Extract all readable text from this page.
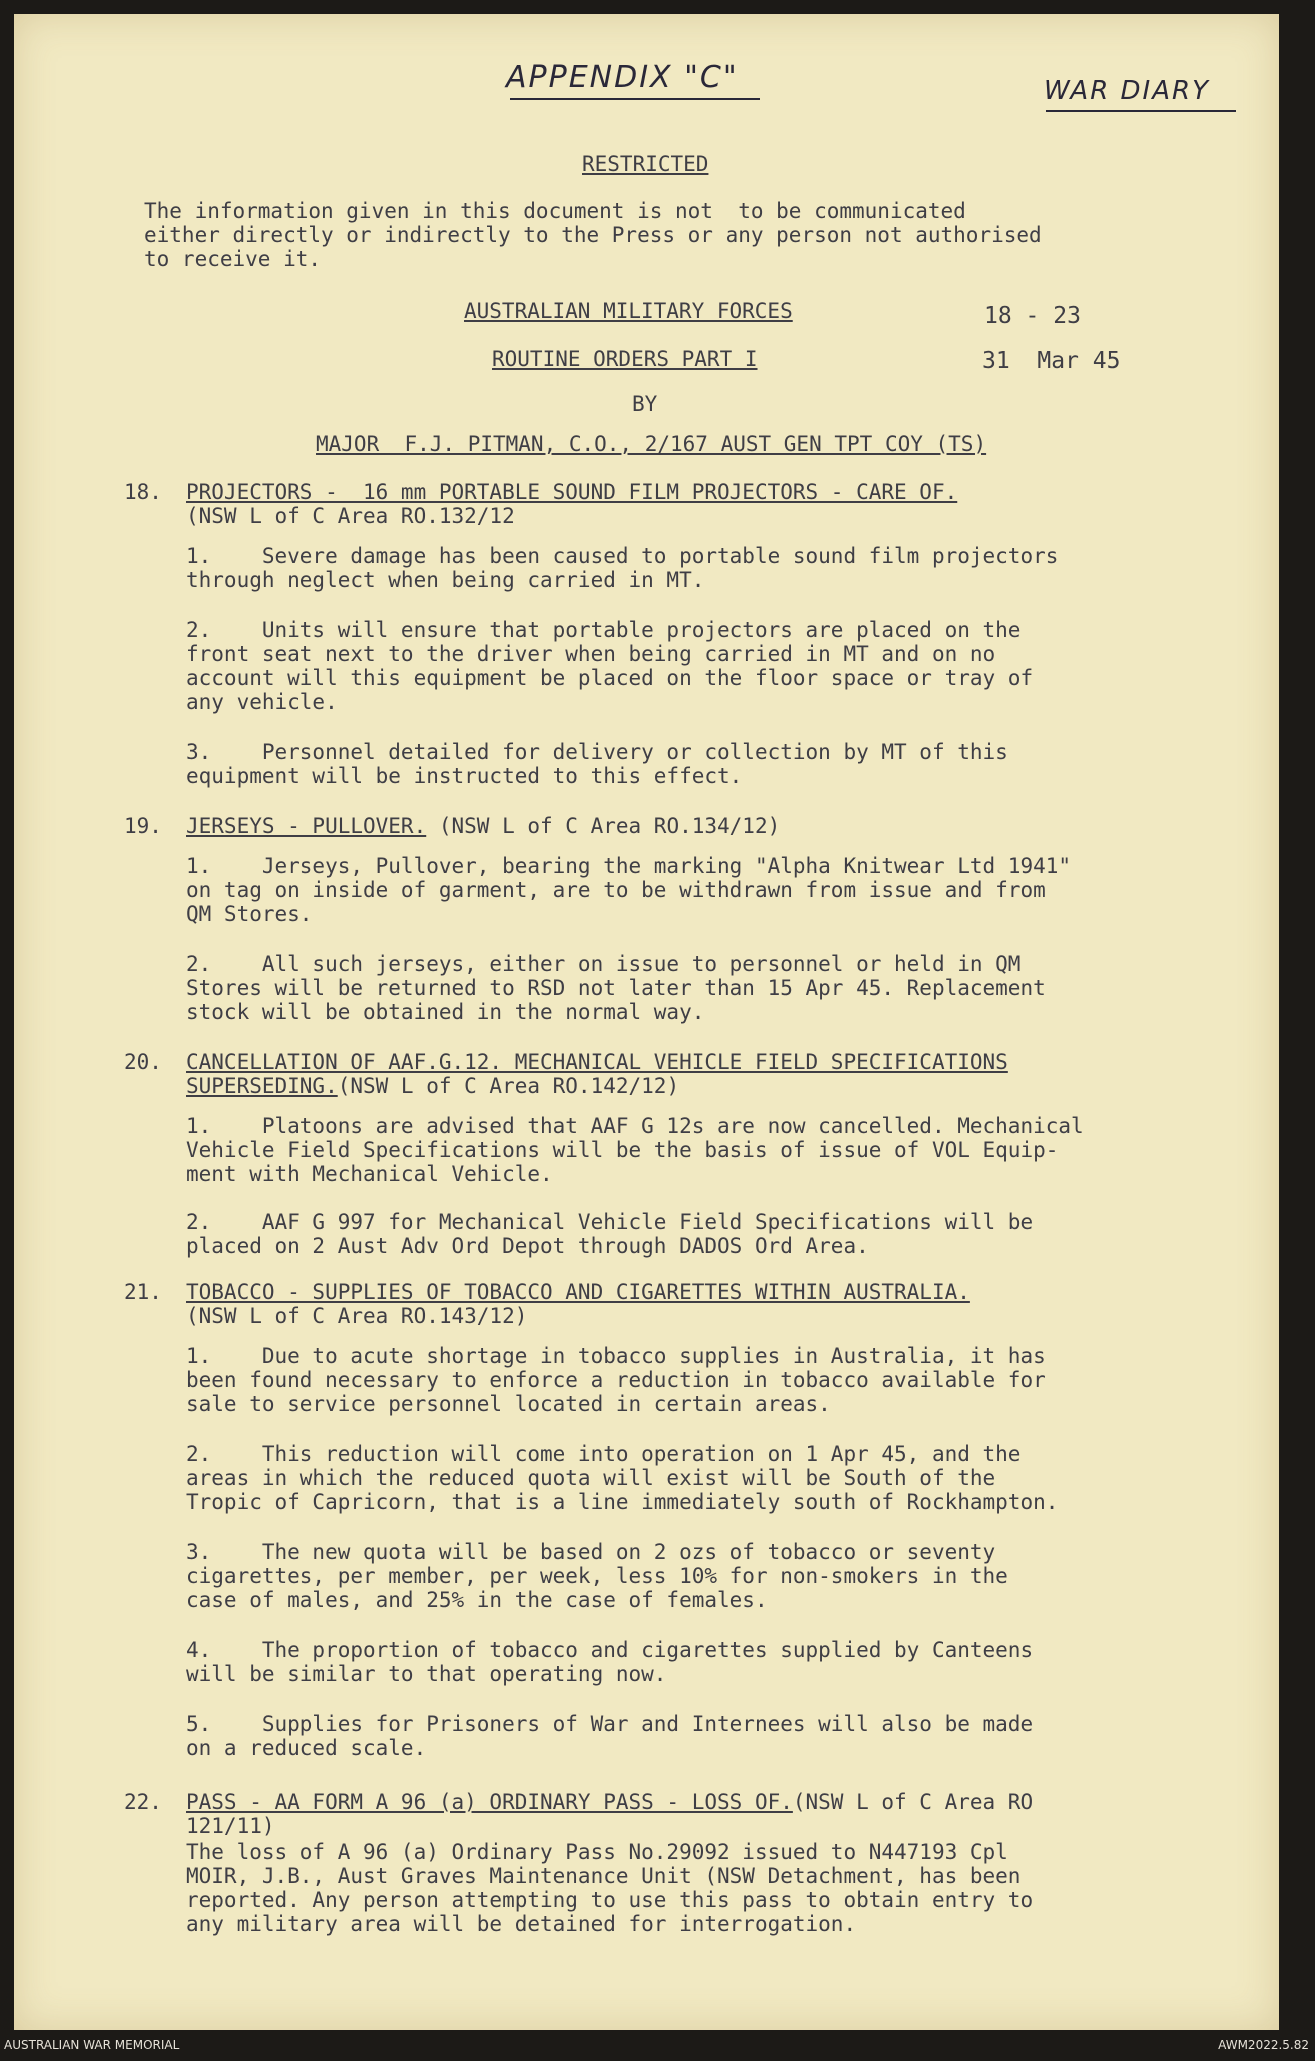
APPENDIX "C"	WAR DIARY
RESTRICTED
The information given in this document is not  to be communicated
either directly or indirectly to the Press or any person not authorised
to receive it.
AUSTRALIAN MILITARY FORCES
ROUTINE ORDERS PART I
BY
MAJOR  F.J. PITMAN, C.O., 2/167 AUST GEN TPT COY (TS)
18 - 23
31  Mar 45
18. PROJECTORS -  16 mm PORTABLE SOUND FILM PROJECTORS - CARE OF.
(NSW L of C Area RO.132/12
1.    Severe damage has been caused to portable sound film projectors
through neglect when being carried in MT.
2.    Units will ensure that portable projectors are placed on the
front seat next to the driver when being carried in MT and on no
account will this equipment be placed on the floor space or tray of
any vehicle.
3.    Personnel detailed for delivery or collection by MT of this
equipment will be instructed to this effect.
19. JERSEYS - PULLOVER. (NSW L of C Area RO.134/12)
1.    Jerseys, Pullover, bearing the marking "Alpha Knitwear Ltd 1941"
on tag on inside of garment, are to be withdrawn from issue and from
QM Stores.
2.    All such jerseys, either on issue to personnel or held in QM
Stores will be returned to RSD not later than 15 Apr 45. Replacement
stock will be obtained in the normal way.
20. CANCELLATION OF AAF.G.12. MECHANICAL VEHICLE FIELD SPECIFICATIONS
SUPERSEDING.(NSW L of C Area RO.142/12)
1.    Platoons are advised that AAF G 12s are now cancelled. Mechanical
Vehicle Field Specifications will be the basis of issue of VOL Equip-
ment with Mechanical Vehicle.
2.    AAF G 997 for Mechanical Vehicle Field Specifications will be
placed on 2 Aust Adv Ord Depot through DADOS Ord Area.
21. TOBACCO - SUPPLIES OF TOBACCO AND CIGARETTES WITHIN AUSTRALIA.
(NSW L of C Area RO.143/12)
1.    Due to acute shortage in tobacco supplies in Australia, it has
been found necessary to enforce a reduction in tobacco available for
sale to service personnel located in certain areas.
2.    This reduction will come into operation on 1 Apr 45, and the
areas in which the reduced quota will exist will be South of the
Tropic of Capricorn, that is a line immediately south of Rockhampton.
3.    The new quota will be based on 2 ozs of tobacco or seventy
cigarettes, per member, per week, less 10% for non-smokers in the
case of males, and 25% in the case of females.
4.    The proportion of tobacco and cigarettes supplied by Canteens
will be similar to that operating now.
5.    Supplies for Prisoners of War and Internees will also be made
on a reduced scale.
22. PASS - AA FORM A 96 (a) ORDINARY PASS - LOSS OF.(NSW L of C Area RO
121/11)
The loss of A 96 (a) Ordinary Pass No.29092 issued to N447193 Cpl
MOIR, J.B., Aust Graves Maintenance Unit (NSW Detachment, has been
reported. Any person attempting to use this pass to obtain entry to
any military area will be detained for interrogation.
AUSTRALIAN WAR MEMORIAL	AWM2022.5.82
